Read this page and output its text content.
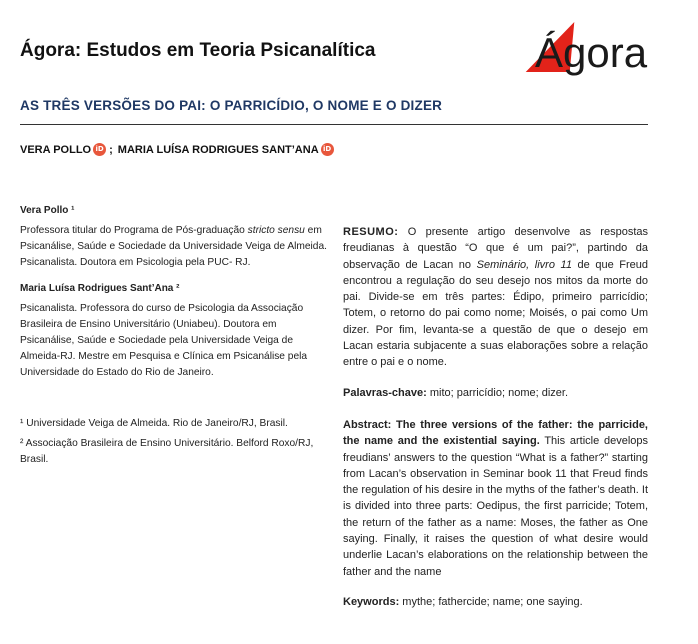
Ágora: Estudos em Teoria Psicanalítica	Ágora
AS TRÊS VERSÕES DO PAI: O PARRICÍDIO, O NOME E O DIZER
VERA POLLO iD ; MARIA LUÍSA RODRIGUES SANT’ANA iD

Vera Pollo ¹

Professora titular do Programa de Pós-graduação stricto sensu em Psicanálise, Saúde e Sociedade da Universidade Veiga de Almeida. Psicanalista. Doutora em Psicologia pela PUC- RJ.

Maria Luísa Rodrigues Sant’Ana ²

Psicanalista. Professora do curso de Psicologia da Associação Brasileira de Ensino Universitário (Uniabeu). Doutora em Psicanálise, Saúde e Sociedade pela Universidade Veiga de Almeida-RJ. Mestre em Pesquisa e Clínica em Psicanálise pela Universidade do Estado do Rio de Janeiro.

¹ Universidade Veiga de Almeida. Rio de Janeiro/RJ, Brasil.

² Associação Brasileira de Ensino Universitário. Belford Roxo/RJ, Brasil.

RESUMO: O presente artigo desenvolve as respostas freudianas à questão “O que é um pai?”, partindo da observação de Lacan no Seminário, livro 11 de que Freud encontrou a regulação do seu desejo nos mitos da morte do pai. Divide-se em três partes: Édipo, primeiro parricídio; Totem, o retorno do pai como nome; Moisés, o pai como Um dizer. Por fim, levanta-se a questão de que o desejo em Lacan estaria subjacente a suas elaborações sobre a relação entre o pai e o nome.

Palavras-chave: mito; parricídio; nome; dizer.

Abstract: The three versions of the father: the parricide, the name and the existential saying. This article develops freudians’ answers to the question “What is a father?” starting from Lacan’s observation in Seminar book 11 that Freud finds the regulation of his desire in the myths of the father’s death. It is divided into three parts: Oedipus, the first parricide; Totem, the return of the father as a name: Moses, the father as One saying. Finally, it raises the question of what desire would underlie Lacan’s elaborations on the relationship between the father and the name

Keywords: mythe; fathercide; name; one saying.
